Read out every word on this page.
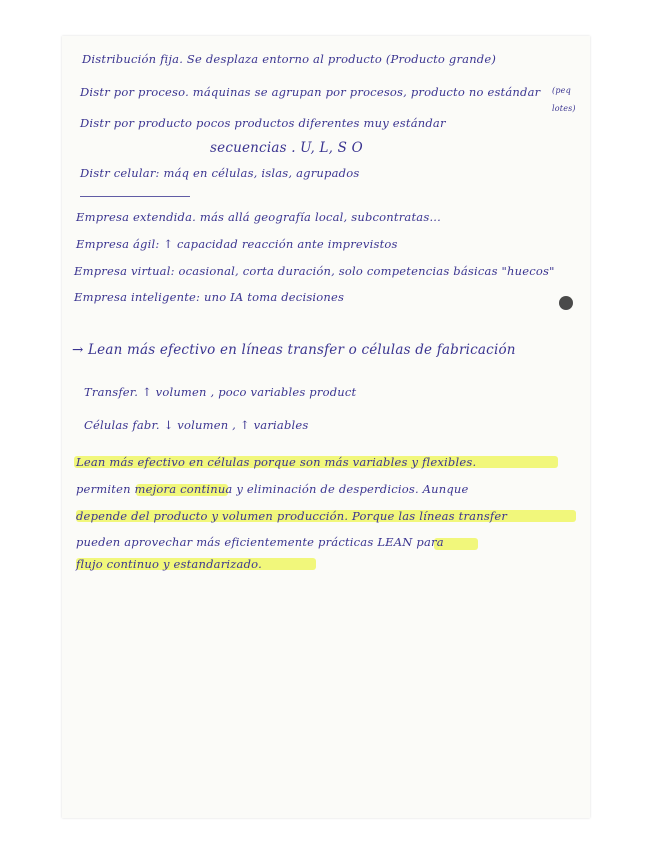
Distribución fija. Se desplaza entorno al producto (Producto grande)
Distr por proceso. máquinas se agrupan por procesos, producto no estándar (peq
lotes)
Distr por producto pocos productos diferentes muy estándar
secuencias . U, L, S O
Distr celular: máq en células, islas, agrupados
Empresa extendida. más allá geografía local, subcontratas...
Empresa ágil: ↑ capacidad reacción ante imprevistos
Empresa virtual: ocasional, corta duración, solo competencias básicas "huecos"
Empresa inteligente: uno IA toma decisiones
→ Lean más efectivo en líneas transfer o células de fabricación
Transfer. ↑ volumen , poco variables product
Células fabr. ↓ volumen , ↑ variables
Lean más efectivo en células porque son más variables y flexibles.
permiten mejora continua y eliminación de desperdicios. Aunque
depende del producto y volumen producción. Porque las líneas transfer
pueden aprovechar más eficientemente prácticas LEAN para
flujo continuo y estandarizado.
